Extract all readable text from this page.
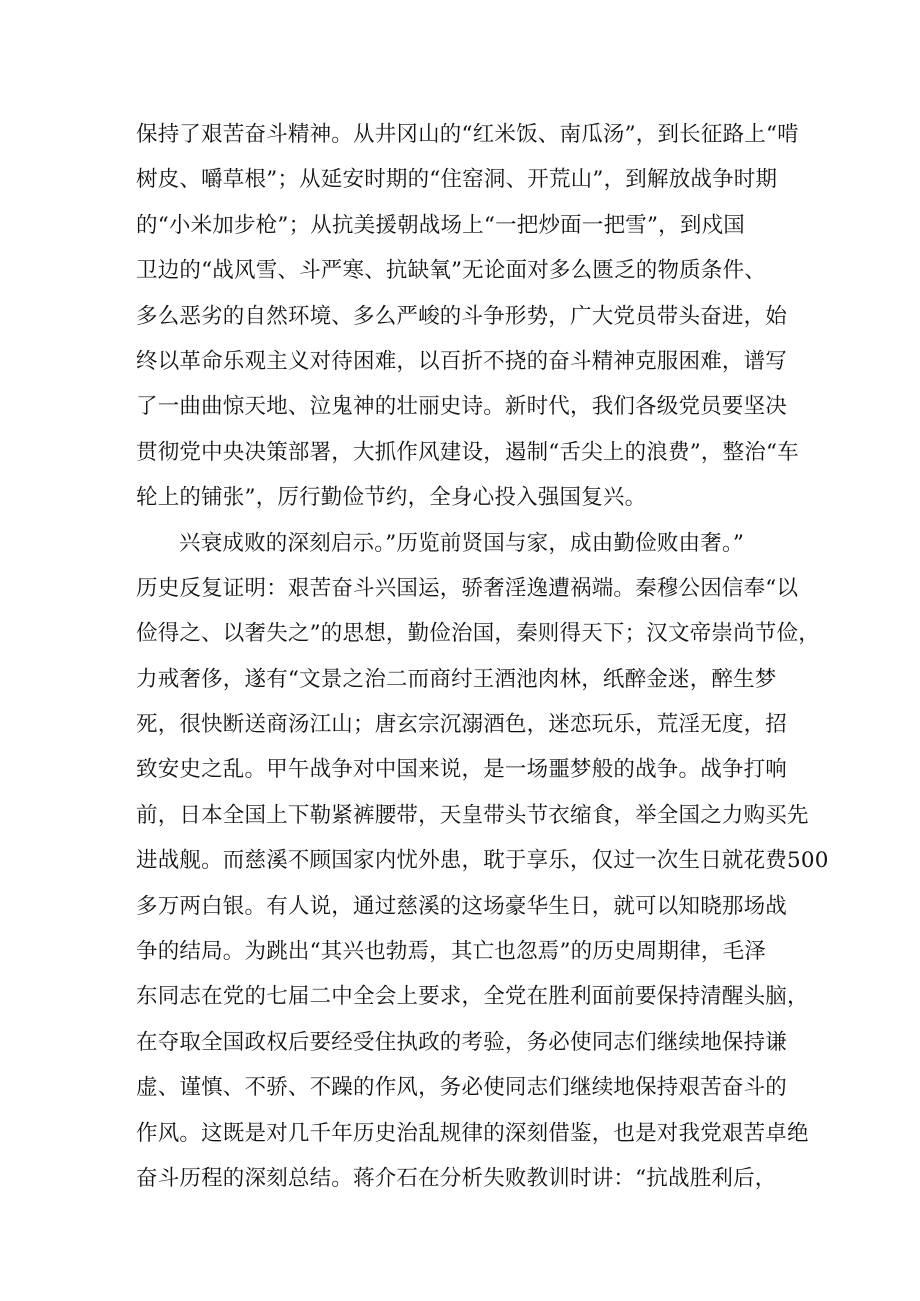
保持了艰苦奋斗精神。从井冈山的“红米饭、南瓜汤”，到长征路上“啃
树皮、嚼草根”；从延安时期的“住窑洞、开荒山”，到解放战争时期
的“小米加步枪”；从抗美援朝战场上“一把炒面一把雪”，到戍国
卫边的“战风雪、斗严寒、抗缺氧”无论面对多么匮乏的物质条件、
多么恶劣的自然环境、多么严峻的斗争形势，广大党员带头奋进，始
终以革命乐观主义对待困难，以百折不挠的奋斗精神克服困难，谱写
了一曲曲惊天地、泣鬼神的壮丽史诗。新时代，我们各级党员要坚决
贯彻党中央决策部署，大抓作风建设，遏制“舌尖上的浪费”，整治“车
轮上的铺张”，厉行勤俭节约，全身心投入强国复兴。
兴衰成败的深刻启示。”历览前贤国与家，成由勤俭败由奢。”
历史反复证明：艰苦奋斗兴国运，骄奢淫逸遭祸端。秦穆公因信奉“以
俭得之、以奢失之”的思想，勤俭治国，秦则得天下；汉文帝崇尚节俭，
力戒奢侈，遂有“文景之治二而商纣王酒池肉林，纸醉金迷，醉生梦
死，很快断送商汤江山；唐玄宗沉溺酒色，迷恋玩乐，荒淫无度，招
致安史之乱。甲午战争对中国来说，是一场噩梦般的战争。战争打响
前，日本全国上下勒紧裤腰带，天皇带头节衣缩食，举全国之力购买先
进战舰。而慈溪不顾国家内忧外患，耽于享乐，仅过一次生日就花费500
多万两白银。有人说，通过慈溪的这场豪华生日，就可以知晓那场战
争的结局。为跳出“其兴也勃焉，其亡也忽焉”的历史周期律，毛泽
东同志在党的七届二中全会上要求，全党在胜利面前要保持清醒头脑，
在夺取全国政权后要经受住执政的考验，务必使同志们继续地保持谦
虚、谨慎、不骄、不躁的作风，务必使同志们继续地保持艰苦奋斗的
作风。这既是对几千年历史治乱规律的深刻借鉴，也是对我党艰苦卓绝
奋斗历程的深刻总结。蒋介石在分析失败教训时讲：“抗战胜利后，
